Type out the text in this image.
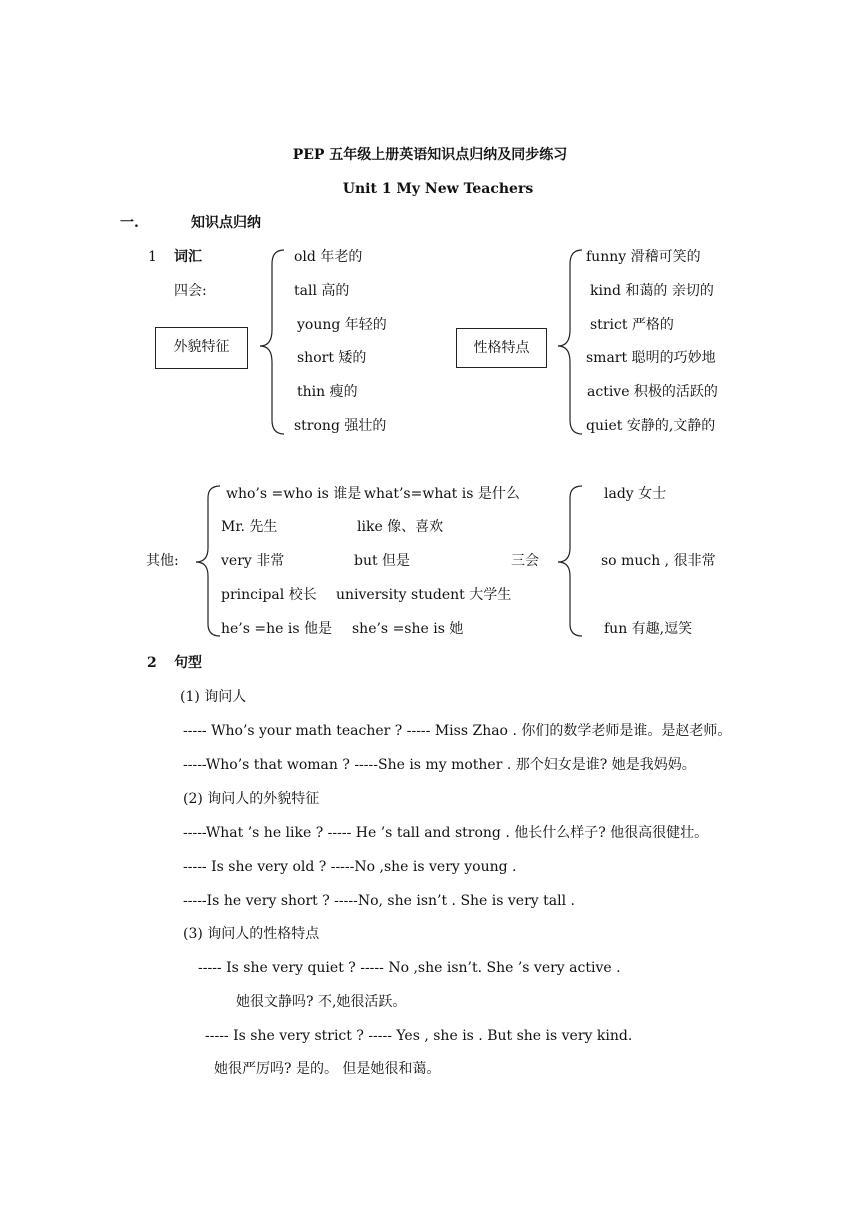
PEP 五年级上册英语知识点归纳及同步练习
Unit 1 My New Teachers
一.	知识点归纳
1 词汇
四会:
外貌特征
old 年老的
tall 高的
young 年轻的
short 矮的
thin 瘦的
strong 强壮的
性格特点
funny 滑稽可笑的
kind 和蔼的 亲切的
strict 严格的
smart 聪明的巧妙地
active 积极的活跃的
quiet 安静的,文静的
其他:
who’s =who is 谁是 what’s=what is 是什么
Mr. 先生	like 像、喜欢
very 非常	but 但是
principal 校长 university student 大学生
he’s =he is 他是 she’s =she is 她
三会
lady 女士
so much , 很非常
fun 有趣,逗笑
2 句型
(1) 询问人
----- Who’s your math teacher ? ----- Miss Zhao . 你们的数学老师是谁。是赵老师。
-----Who’s that woman ? -----She is my mother . 那个妇女是谁? 她是我妈妈。
(2) 询问人的外貌特征
-----What ’s he like ? ----- He ’s tall and strong . 他长什么样子? 他很高很健壮。
----- Is she very old ? -----No ,she is very young .
-----Is he very short ? -----No, she isn’t . She is very tall .
(3) 询问人的性格特点
----- Is she very quiet ? ----- No ,she isn’t. She ’s very active .
她很文静吗? 不,她很活跃。
----- Is she very strict ? ----- Yes , she is . But she is very kind.
她很严厉吗? 是的。 但是她很和蔼。
